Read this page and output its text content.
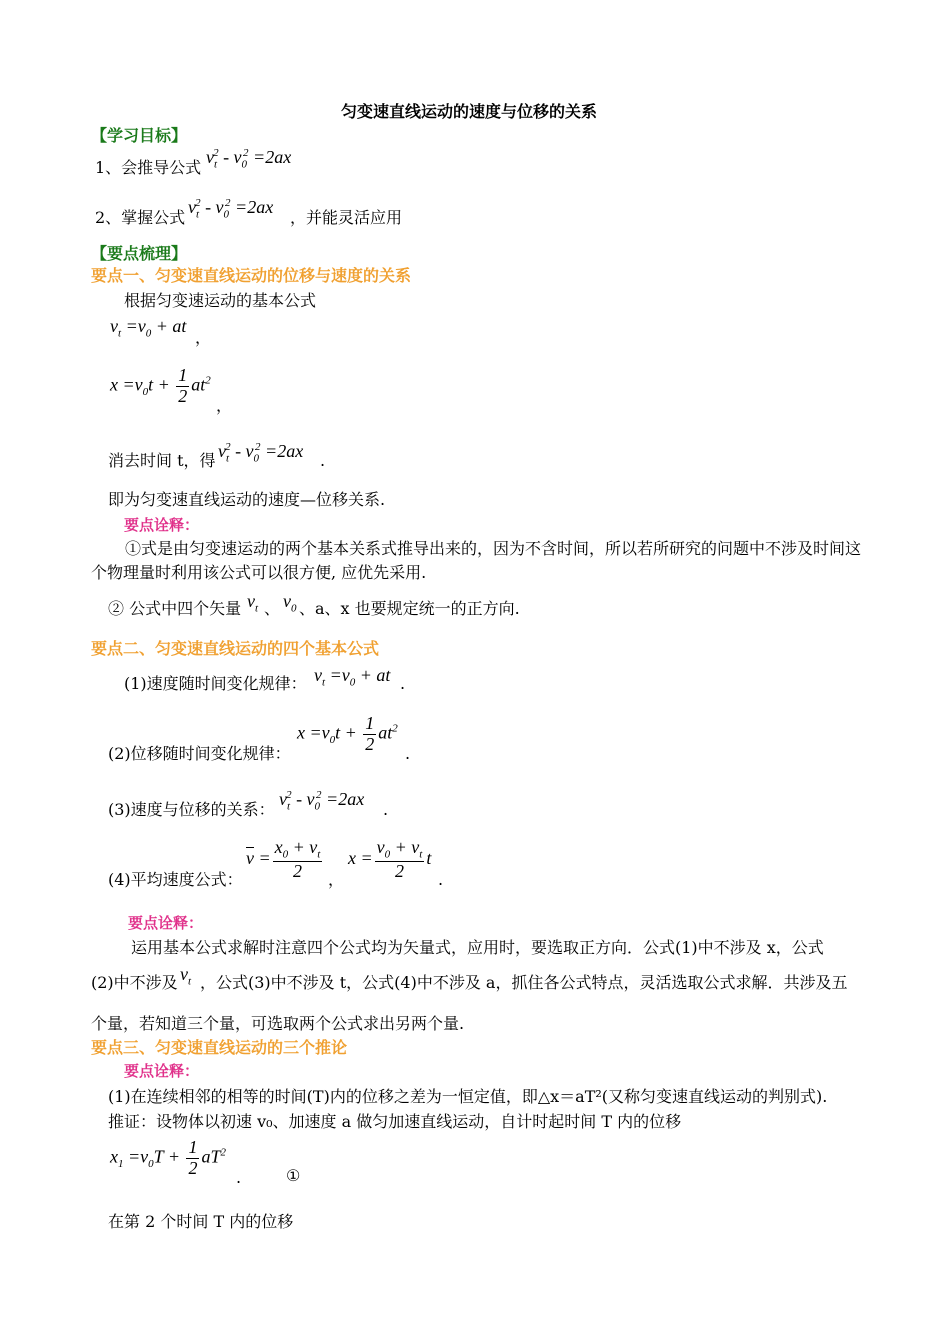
匀变速直线运动的速度与位移的关系
【学习目标】
1、会推导公式
$v_t^2 - v_0^2 =2ax$
2、掌握公式
$v_t^2 - v_0^2 =2ax$
，并能灵活应用
【要点梳理】
要点一、匀变速直线运动的位移与速度的关系
根据匀变速运动的基本公式
$v_t =v_0$ + at
，
$x =v_0t + \frac{1}{2} at^2$
，
消去时间 t，得 $v_t^2 - v_0^2 =2ax$ .
即为匀变速直线运动的速度—位移关系.
要点诠释：
①式是由匀变速运动的两个基本关系式推导出来的，因为不含时间，所以若所研究的问题中不涉及时间这个物理量时利用该公式可以很方便, 应优先采用.
② 公式中四个矢量 $v_t$ 、 $v_0$ 、a、x 也要规定统一的正方向.
要点二、匀变速直线运动的四个基本公式
(1)速度随时间变化规律： $v_t =v_0$ + at .
(2)位移随时间变化规律：
$x =v_0t + \frac{1}{2} at^2$
.
(3)速度与位移的关系：
$v_t^2 - v_0^2 =2ax$
.
(4)平均速度公式：
$\overline{v} = \frac{x_0 + v_t}{2}$ ，
$x = \frac{v_0 + v_t}{2}$ t
.
要点诠释：
运用基本公式求解时注意四个公式均为矢量式，应用时，要选取正方向．公式(1)中不涉及 x，公式
(2)中不涉及 $v_t$ ，公式(3)中不涉及 t，公式(4)中不涉及 a，抓住各公式特点，灵活选取公式求解．共涉及五
个量，若知道三个量，可选取两个公式求出另两个量.
要点三、匀变速直线运动的三个推论
要点诠释：
(1)在连续相邻的相等的时间(T)内的位移之差为一恒定值，即△x＝aT²(又称匀变速直线运动的判别式).
推证：设物体以初速 v₀、加速度 a 做匀加速直线运动，自计时起时间 T 内的位移
$x_1 =v_0T + \frac{1}{2} aT^2$
.	①
在第 2 个时间 T 内的位移
